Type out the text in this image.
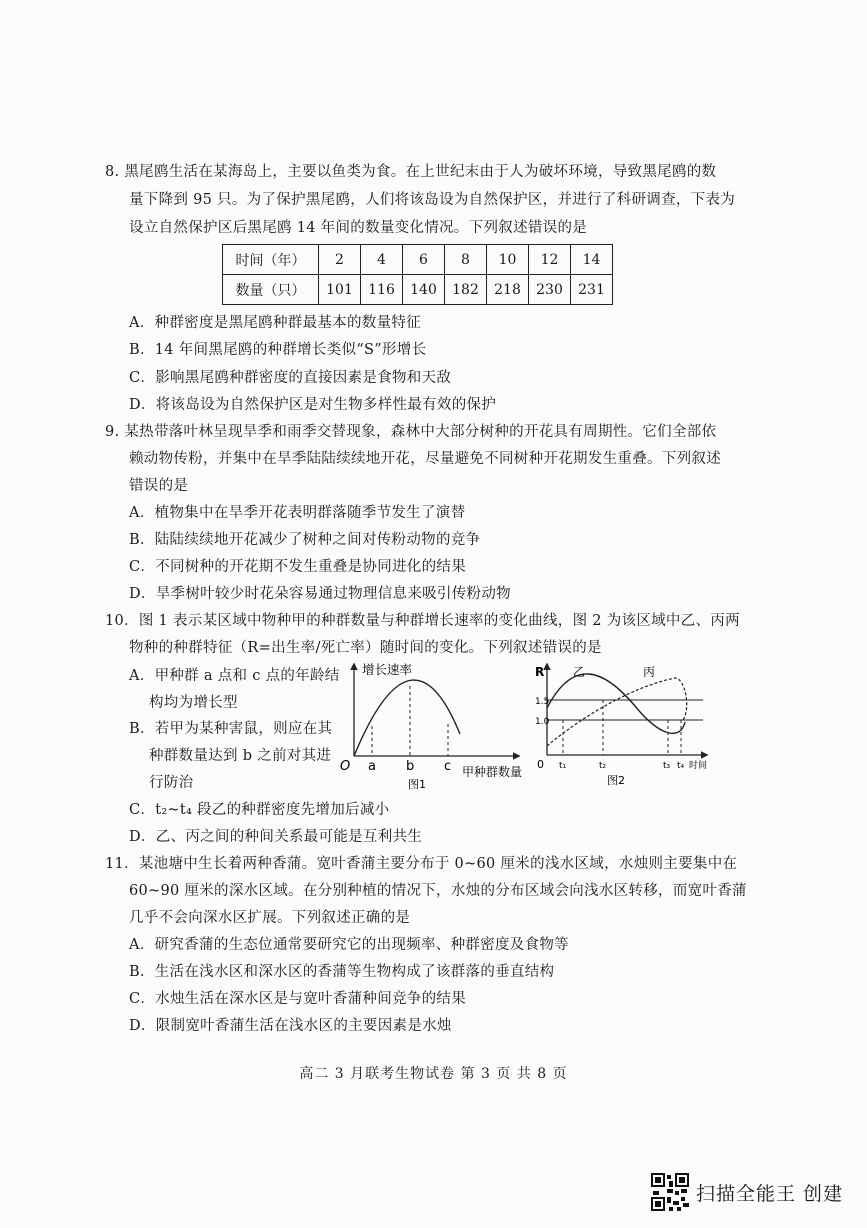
8. 黑尾鸥生活在某海岛上，主要以鱼类为食。在上世纪末由于人为破坏环境，导致黑尾鸥的数
量下降到 95 只。为了保护黑尾鸥，人们将该岛设为自然保护区，并进行了科研调查，下表为
设立自然保护区后黑尾鸥 14 年间的数量变化情况。下列叙述错误的是
时间（年）	2	4	6	8	10	12	14
数量（只）	101	116	140	182	218	230	231
A．种群密度是黑尾鸥种群最基本的数量特征
B．14 年间黑尾鸥的种群增长类似“S”形增长
C．影响黑尾鸥种群密度的直接因素是食物和天敌
D．将该岛设为自然保护区是对生物多样性最有效的保护
9. 某热带落叶林呈现旱季和雨季交替现象，森林中大部分树种的开花具有周期性。它们全部依
赖动物传粉，并集中在旱季陆陆续续地开花，尽量避免不同树种开花期发生重叠。下列叙述
错误的是
A．植物集中在旱季开花表明群落随季节发生了演替
B．陆陆续续地开花减少了树种之间对传粉动物的竞争
C．不同树种的开花期不发生重叠是协同进化的结果
D．旱季树叶较少时花朵容易通过物理信息来吸引传粉动物
10．图 1 表示某区域中物种甲的种群数量与种群增长速率的变化曲线，图 2 为该区域中乙、丙两
物种的种群特征（R=出生率/死亡率）随时间的变化。下列叙述错误的是
A．甲种群 a 点和 c 点的年龄结
构均为增长型
B．若甲为某种害鼠，则应在其
种群数量达到 b 之前对其进
行防治
增长速率
O a b c 甲种群数量
图1
R 乙	丙
1.5
1.0
0 t₁	t₂	t₃ t₄ 时间
图2
C．t₂~t₄ 段乙的种群密度先增加后减小
D．乙、丙之间的种间关系最可能是互利共生
11．某池塘中生长着两种香蒲。宽叶香蒲主要分布于 0~60 厘米的浅水区域，水烛则主要集中在
60~90 厘米的深水区域。在分别种植的情况下，水烛的分布区域会向浅水区转移，而宽叶香蒲
几乎不会向深水区扩展。下列叙述正确的是
A．研究香蒲的生态位通常要研究它的出现频率、种群密度及食物等
B．生活在浅水区和深水区的香蒲等生物构成了该群落的垂直结构
C．水烛生活在深水区是与宽叶香蒲种间竞争的结果
D．限制宽叶香蒲生活在浅水区的主要因素是水烛
高二 3 月联考生物试卷 第 3 页 共 8 页
扫描全能王 创建
